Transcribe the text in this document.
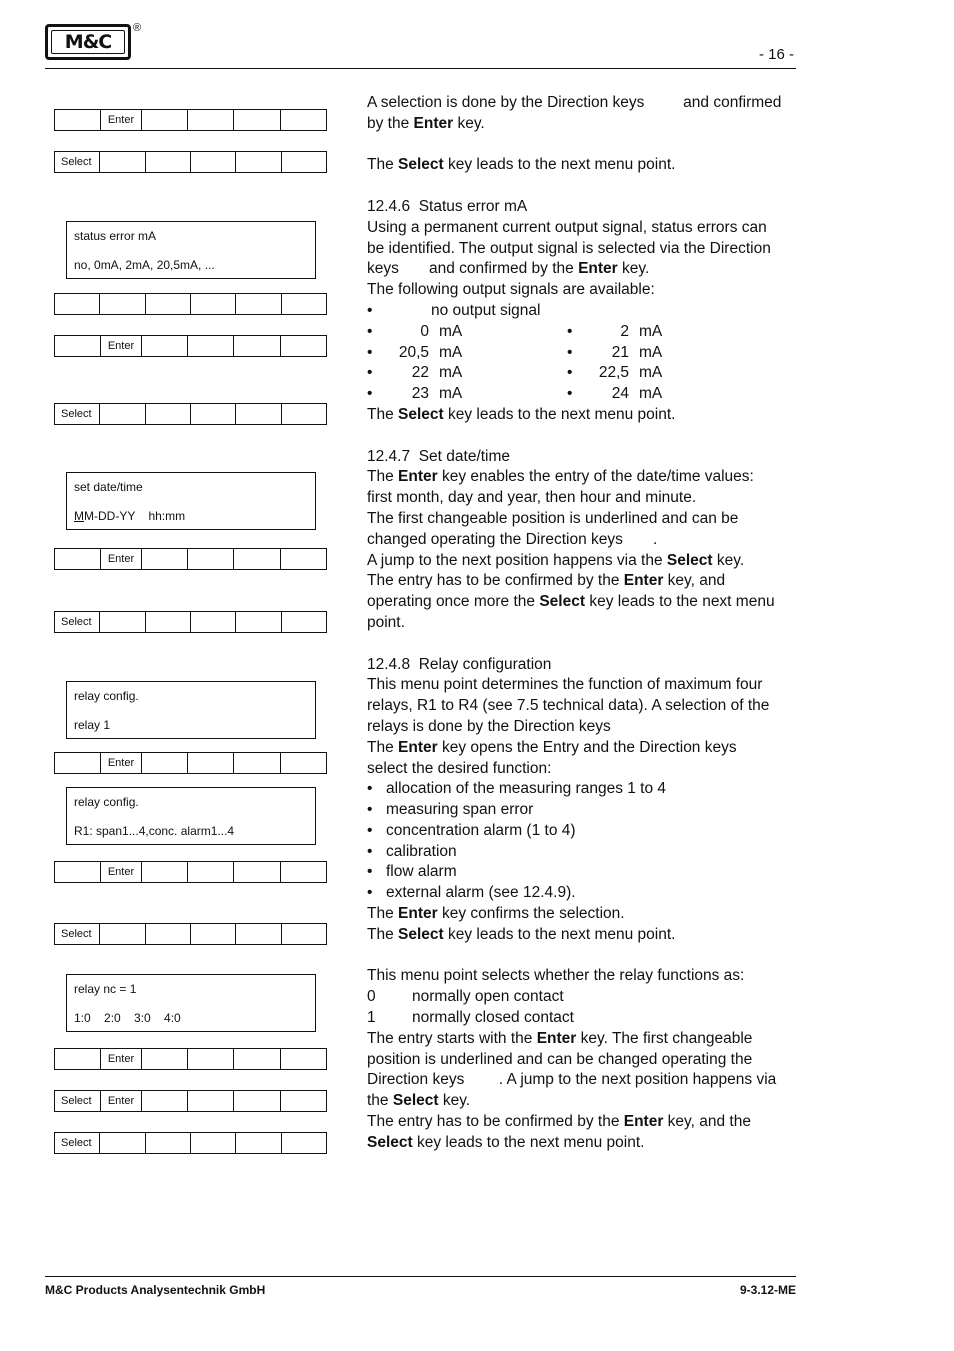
M&C
®
- 16 -
Enter
Select
status error mA
no, 0mA, 2mA, 20,5mA, ...
Enter
Select
set date/time
MM-DD-YY    hh:mm
Enter
Select
relay config.
relay 1
Enter
relay config.
R1: span1...4,conc. alarm1...4
Enter
Select
relay nc = 1
1:0    2:0    3:0    4:0
Enter
Select	Enter
Select

A selection is done by the Direction keys         and confirmed

by the Enter key.

The Select key leads to the next menu point.

12.4.6  Status error mA

Using a permanent current output signal, status errors can

be identified. The output signal is selected via the Direction

keys       and confirmed by the Enter key.

The following output signals are available:

•	no output signal
•	0 mA	•	2 mA
•	20,5 mA	•	21 mA
•	22 mA	•	22,5 mA
•	23 mA	•	24 mA

The Select key leads to the next menu point.

12.4.7  Set date/time

The Enter key enables the entry of the date/time values:

first month, day and year, then hour and minute.

The first changeable position is underlined and can be

changed operating the Direction keys       .

A jump to the next position happens via the Select key.

The entry has to be confirmed by the Enter key, and

operating once more the Select key leads to the next menu

point.

12.4.8  Relay configuration

This menu point determines the function of maximum four

relays, R1 to R4 (see 7.5 technical data). A selection of the

relays is done by the Direction keys

The Enter key opens the Entry and the Direction keys

select the desired function:

• allocation of the measuring ranges 1 to 4
• measuring span error
• concentration alarm (1 to 4)
• calibration
• flow alarm
• external alarm (see 12.4.9).

The Enter key confirms the selection.

The Select key leads to the next menu point.

This menu point selects whether the relay functions as:

0	normally open contact
1	normally closed contact

The entry starts with the Enter key. The first changeable

position is underlined and can be changed operating the

Direction keys        . A jump to the next position happens via

the Select key.

The entry has to be confirmed by the Enter key, and the

Select key leads to the next menu point.

M&C Products Analysentechnik GmbH	9-3.12-ME
